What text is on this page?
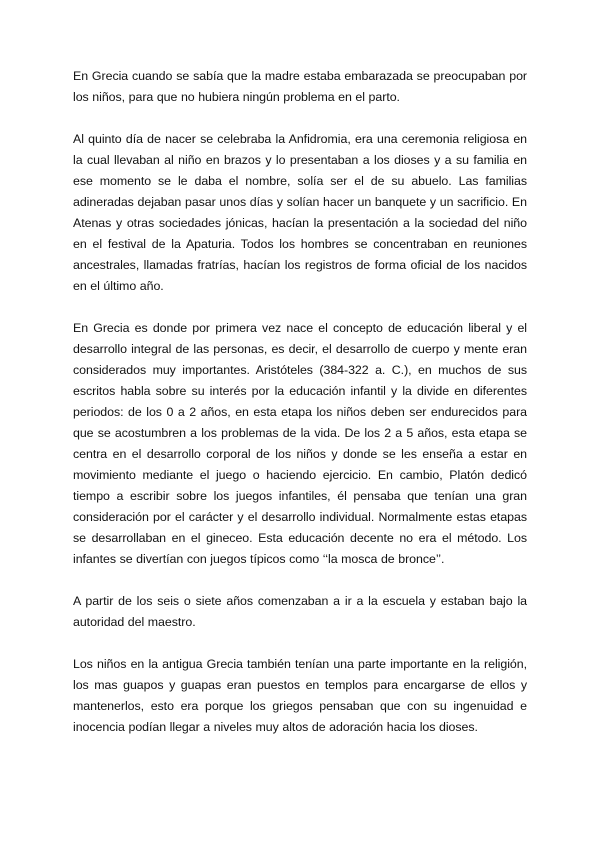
En Grecia cuando se sabía que la madre estaba embarazada se preocupaban por los niños, para que no hubiera ningún problema en el parto.

Al quinto día de nacer se celebraba la Anfidromia, era una ceremonia religiosa en la cual llevaban al niño en brazos y lo presentaban a los dioses y a su familia en ese momento se le daba el nombre, solía ser el de su abuelo. Las familias adineradas dejaban pasar unos días y solían hacer un banquete y un sacrificio. En Atenas y otras sociedades jónicas, hacían la presentación a la sociedad del niño en el festival de la Apaturia. Todos los hombres se concentraban en reuniones ancestrales, llamadas fratrías, hacían los registros de forma oficial de los nacidos en el último año.

En Grecia es donde por primera vez nace el concepto de educación liberal y el desarrollo integral de las personas, es decir, el desarrollo de cuerpo y mente eran considerados muy importantes. Aristóteles (384-322 a. C.), en muchos de sus escritos habla sobre su interés por la educación infantil y la divide en diferentes periodos: de los 0 a 2 años, en esta etapa los niños deben ser endurecidos para que se acostumbren a los problemas de la vida. De los 2 a 5 años, esta etapa se centra en el desarrollo corporal de los niños y donde se les enseña a estar en movimiento mediante el juego o haciendo ejercicio. En cambio, Platón dedicó tiempo a escribir sobre los juegos infantiles, él pensaba que tenían una gran consideración por el carácter y el desarrollo individual. Normalmente estas etapas se desarrollaban en el gineceo. Esta educación decente no era el método. Los infantes se divertían con juegos típicos como ‘‘la mosca de bronce’’.

A partir de los seis o siete años comenzaban a ir a la escuela y estaban bajo la autoridad del maestro.

Los niños en la antigua Grecia también tenían una parte importante en la religión, los mas guapos y guapas eran puestos en templos para encargarse de ellos y mantenerlos, esto era porque los griegos pensaban que con su ingenuidad e inocencia podían llegar a niveles muy altos de adoración hacia los dioses.
